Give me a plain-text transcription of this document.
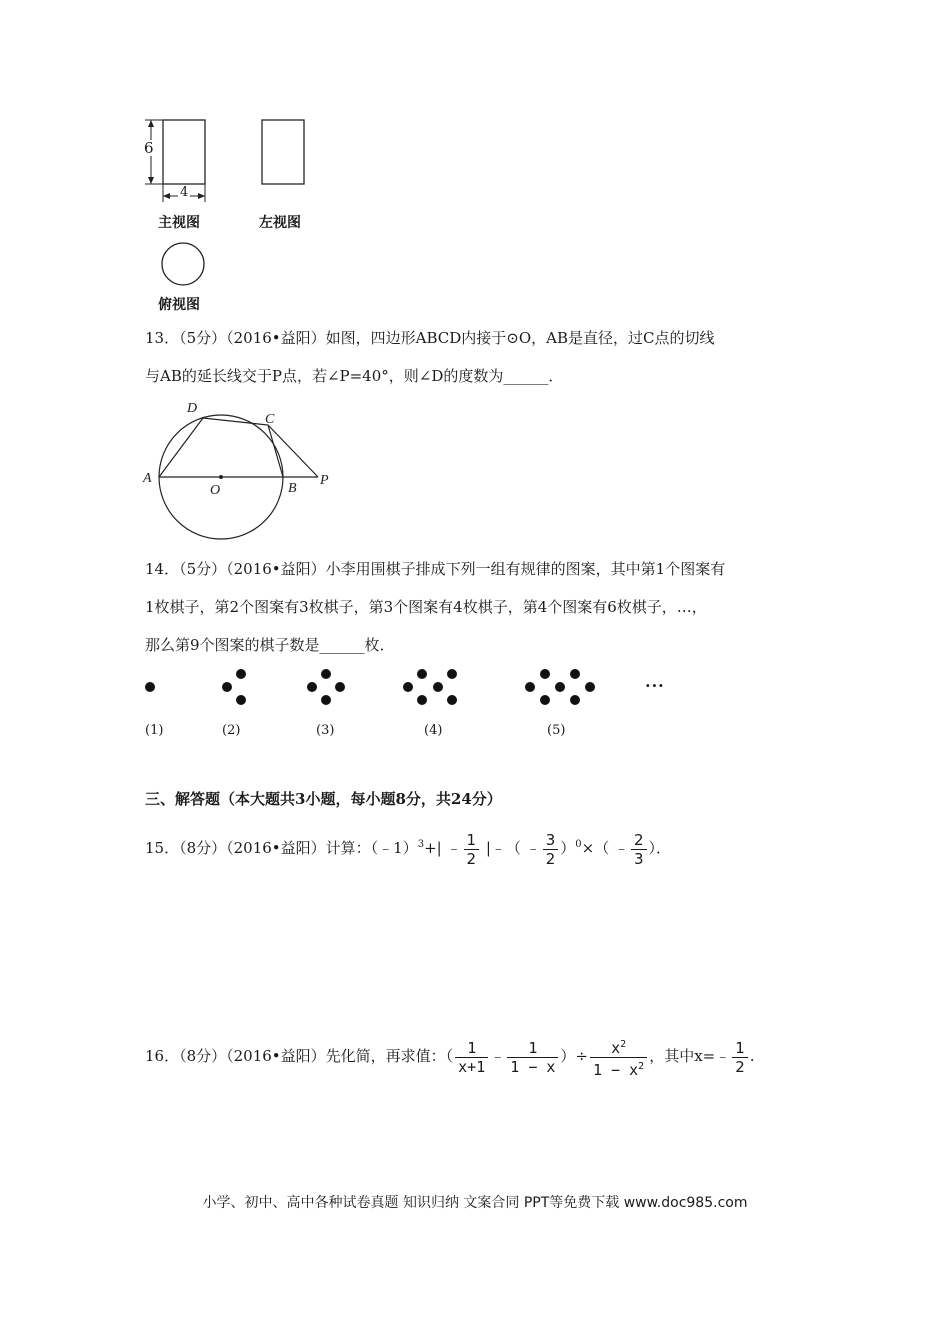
6
4
主视图	左视图
俯视图
13．（5分）（2016•益阳）如图，四边形ABCD内接于⊙O，AB是直径，过C点的切线
与AB的延长线交于P点，若∠P=40°，则∠D的度数为______．
D
C
A
O	B
P
14．（5分）（2016•益阳）小李用围棋子排成下列一组有规律的图案，其中第1个图案有
1枚棋子，第2个图案有3枚棋子，第3个图案有4枚棋子，第4个图案有6枚棋子，…，
那么第9个图案的棋子数是______枚．
···
(1)	(2)	(3)	(4)	(5)
三、解答题（本大题共3小题，每小题8分，共24分）
15．（8分）（2016•益阳）计算：（﹣1）$^3$+| ﹣ $\frac{1}{2}$ |﹣（ ﹣ $\frac{3}{2} )^0\times$（ ﹣ $\frac{2}{3}$ ）．
16．（8分）（2016•益阳）先化简，再求值：（ $\frac{1}{x+1}$ ﹣ $\frac{1}{1 - x}$ ）÷ $\frac{x^2}{1 - x^2}$ ，其中x=﹣ $\frac{1}{2}$ .
小学、初中、高中各种试卷真题 知识归纳 文案合同 PPT等免费下载 www.doc985.com
